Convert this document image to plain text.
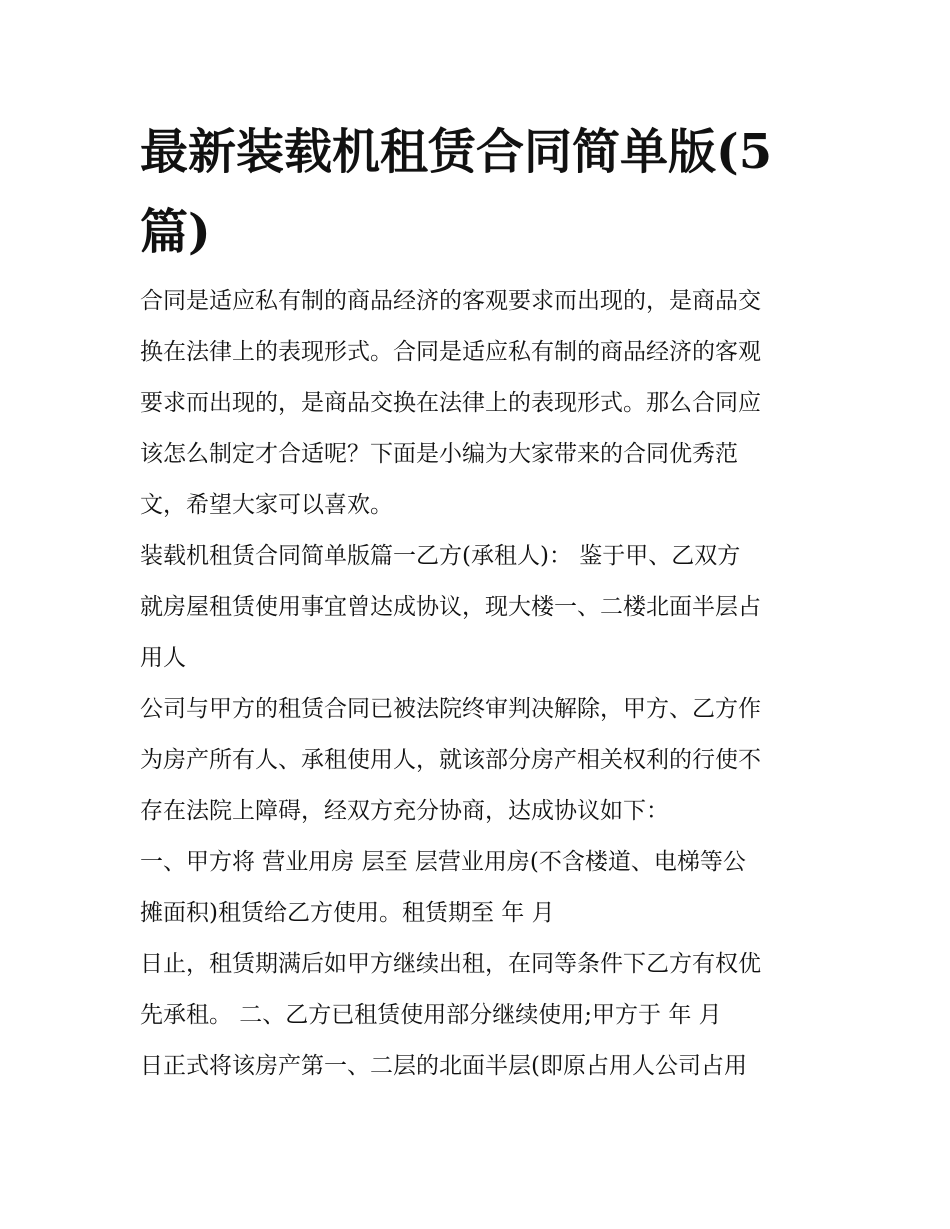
最新装载机租赁合同简单版(5篇)

合同是适应私有制的商品经济的客观要求而出现的，是商品交
换在法律上的表现形式。合同是适应私有制的商品经济的客观
要求而出现的，是商品交换在法律上的表现形式。那么合同应
该怎么制定才合适呢？下面是小编为大家带来的合同优秀范
文，希望大家可以喜欢。

装载机租赁合同简单版篇一乙方(承租人)： 鉴于甲、乙双方
就房屋租赁使用事宜曾达成协议，现大楼一、二楼北面半层占
用人

公司与甲方的租赁合同已被法院终审判决解除，甲方、乙方作
为房产所有人、承租使用人，就该部分房产相关权利的行使不
存在法院上障碍，经双方充分协商，达成协议如下：

一、甲方将 营业用房 层至 层营业用房(不含楼道、电梯等公
摊面积)租赁给乙方使用。租赁期至 年 月

日止，租赁期满后如甲方继续出租，在同等条件下乙方有权优
先承租。 二、乙方已租赁使用部分继续使用;甲方于 年 月

日正式将该房产第一、二层的北面半层(即原占用人公司占用
